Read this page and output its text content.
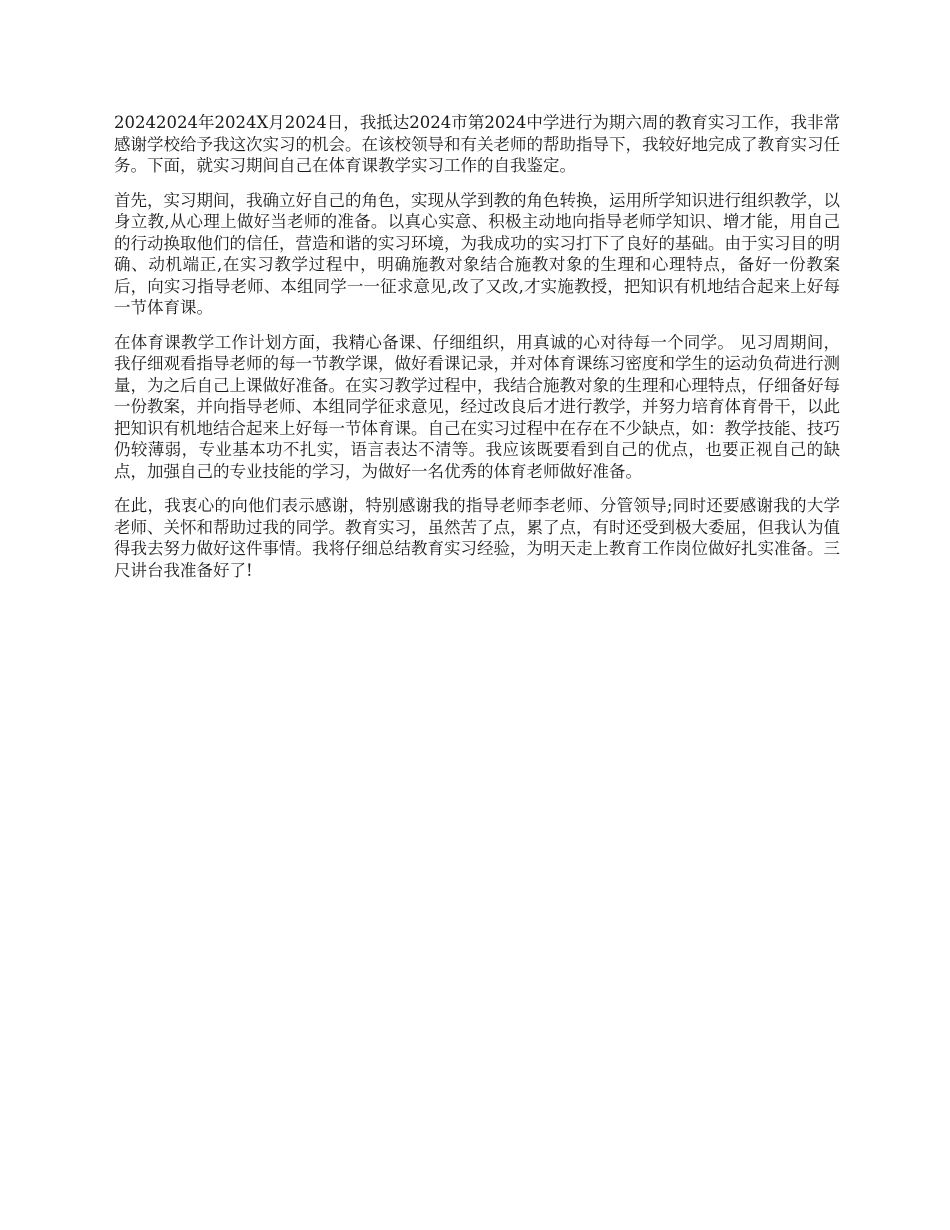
20242024年2024X月2024日，我抵达2024市第2024中学进行为期六周的教育实习工作，我非常感谢学校给予我这次实习的机会。在该校领导和有关老师的帮助指导下，我较好地完成了教育实习任务。下面，就实习期间自己在体育课教学实习工作的自我鉴定。

首先，实习期间，我确立好自己的角色，实现从学到教的角色转换，运用所学知识进行组织教学，以身立教,从心理上做好当老师的准备。以真心实意、积极主动地向指导老师学知识、增才能，用自己的行动换取他们的信任，营造和谐的实习环境，为我成功的实习打下了良好的基础。由于实习目的明确、动机端正,在实习教学过程中，明确施教对象结合施教对象的生理和心理特点，备好一份教案后，向实习指导老师、本组同学一一征求意见,改了又改,才实施教授，把知识有机地结合起来上好每一节体育课。

在体育课教学工作计划方面，我精心备课、仔细组织，用真诚的心对待每一个同学。 见习周期间，我仔细观看指导老师的每一节教学课，做好看课记录，并对体育课练习密度和学生的运动负荷进行测量，为之后自己上课做好准备。在实习教学过程中，我结合施教对象的生理和心理特点，仔细备好每一份教案，并向指导老师、本组同学征求意见，经过改良后才进行教学，并努力培育体育骨干，以此把知识有机地结合起来上好每一节体育课。自己在实习过程中在存在不少缺点，如：教学技能、技巧仍较薄弱，专业基本功不扎实，语言表达不清等。我应该既要看到自己的优点，也要正视自己的缺点，加强自己的专业技能的学习，为做好一名优秀的体育老师做好准备。

在此，我衷心的向他们表示感谢，特别感谢我的指导老师李老师、分管领导;同时还要感谢我的大学老师、关怀和帮助过我的同学。教育实习，虽然苦了点，累了点，有时还受到极大委屈，但我认为值得我去努力做好这件事情。我将仔细总结教育实习经验，为明天走上教育工作岗位做好扎实准备。三尺讲台我准备好了!
